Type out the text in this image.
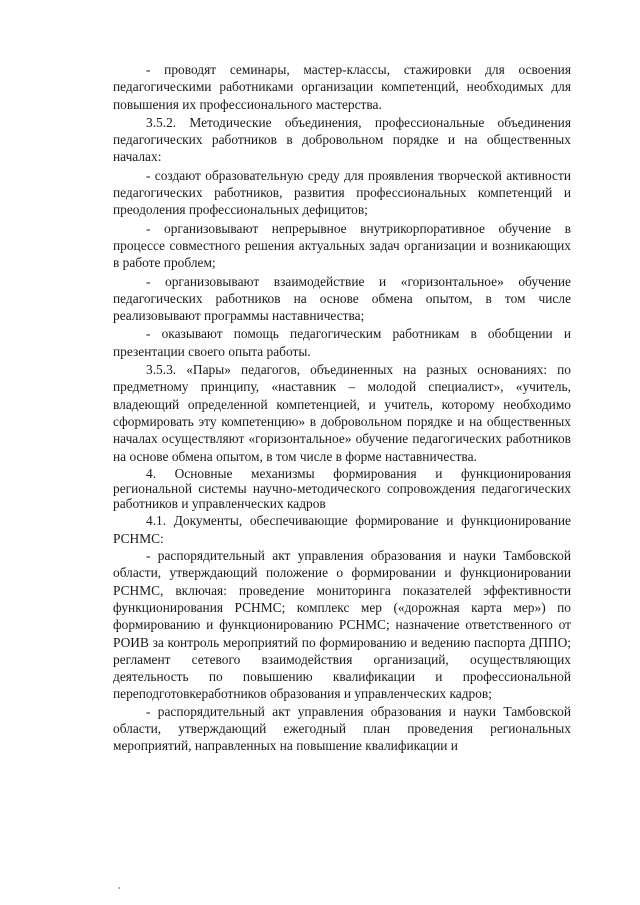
- проводят семинары, мастер-классы, стажировки для освоения педагогическими работниками организации компетенций, необходимых для повышения их профессионального мастерства.

3.5.2. Методические объединения, профессиональные объединения педагогических работников в добровольном порядке и на общественных началах:

- создают образовательную среду для проявления творческой активности педагогических работников, развития профессиональных компетенций и преодоления профессиональных дефицитов;

- организовывают непрерывное внутрикорпоративное обучение в процессе совместного решения актуальных задач организации и возникающих в работе проблем;

- организовывают взаимодействие и «горизонтальное» обучение педагогических работников на основе обмена опытом, в том числе реализовывают программы наставничества;

- оказывают помощь педагогическим работникам в обобщении и презентации своего опыта работы.

3.5.3. «Пары» педагогов, объединенных на разных основаниях: по предметному принципу, «наставник – молодой специалист», «учитель, владеющий определенной компетенцией, и учитель, которому необходимо сформировать эту компетенцию» в добровольном порядке и на общественных началах осуществляют «горизонтальное» обучение педагогических работников на основе обмена опытом, в том числе в форме наставничества.

4. Основные механизмы формирования и функционирования региональной системы научно-методического сопровождения педагогических работников и управленческих кадров

4.1. Документы, обеспечивающие формирование и функционирование РСНМС:

- распорядительный акт управления образования и науки Тамбовской области, утверждающий положение о формировании и функционировании РСНМС, включая: проведение мониторинга показателей эффективности функционирования РСНМС; комплекс мер («дорожная карта мер») по формированию и функционированию РСНМС; назначение ответственного от РОИВ за контроль мероприятий по формированию и ведению паспорта ДППО; регламент сетевого взаимодействия организаций, осуществляющих деятельность по повышению квалификации и профессиональной переподготовкеработников образования и управленческих кадров;

- распорядительный акт управления образования и науки Тамбовской области, утверждающий ежегодный план проведения региональных мероприятий, направленных на повышение квалификации и
